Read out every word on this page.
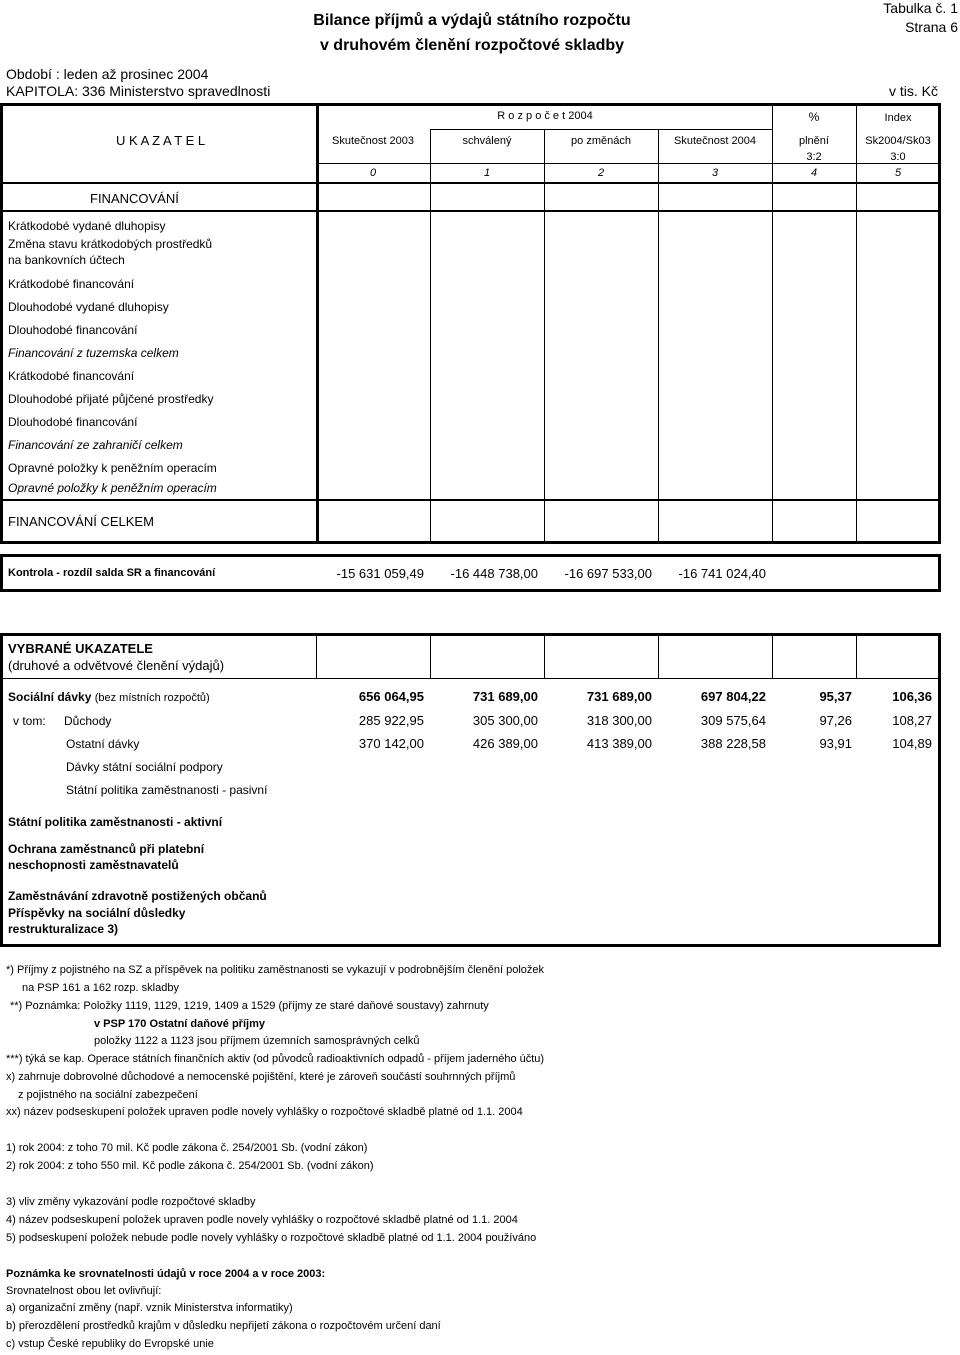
Bilance příjmů a výdajů státního rozpočtu
v druhovém členění rozpočtové skladby
Tabulka č. 1
Strana 6
Období : leden až prosinec 2004
KAPITOLA: 336 Ministerstvo spravedlnosti	v tis. Kč
U K A Z A T E L
R o z p o č e t 2004	%	Index
Skutečnost 2003	schválený	po změnách	Skutečnost 2004	plnění	Sk2004/Sk03
3:2	3:0
0	1	2	3	4	5
FINANCOVÁNÍ
Krátkodobé vydané dluhopisy
Změna stavu krátkodobých prostředků
na bankovních účtech
Krátkodobé financování
Dlouhodobé vydané dluhopisy
Dlouhodobé financování
Financování z tuzemska celkem
Krátkodobé financování
Dlouhodobé přijaté půjčené prostředky
Dlouhodobé financování
Financování ze zahraničí celkem
Opravné položky k peněžním operacím
Opravné položky k peněžním operacím
FINANCOVÁNÍ CELKEM
Kontrola - rozdíl salda SR a financování	-15 631 059,49	-16 448 738,00	-16 697 533,00	-16 741 024,40
VYBRANÉ UKAZATELE
(druhové a odvětvové členění výdajů)
Sociální dávky (bez místních rozpočtů)	656 064,95	731 689,00	731 689,00	697 804,22	95,37	106,36
v tom: Důchody	285 922,95	305 300,00	318 300,00	309 575,64	97,26	108,27
Ostatní dávky	370 142,00	426 389,00	413 389,00	388 228,58	93,91	104,89
Dávky státní sociální podpory
Státní politika zaměstnanosti - pasivní
Státní politika zaměstnanosti - aktivní
Ochrana zaměstnanců při platební
neschopnosti zaměstnavatelů
Zaměstnávání zdravotně postižených občanů
Příspěvky na sociální důsledky
restrukturalizace 3)
*) Příjmy z pojistného na SZ a příspěvek na politiku zaměstnanosti se vykazují v podrobnějším členění položek
na PSP 161 a 162 rozp. skladby
**) Poznámka: Položky 1119, 1129, 1219, 1409 a 1529 (příjmy ze staré daňové soustavy) zahrnuty
v PSP 170 Ostatní daňové příjmy
položky 1122 a 1123 jsou příjmem územních samosprávných celků
***) týká se kap. Operace státních finančních aktiv (od původců radioaktivních odpadů - příjem jaderného účtu)
x) zahrnuje dobrovolné důchodové a nemocenské pojištění, které je zároveň součástí souhrnných příjmů
z pojistného na sociální zabezpečení
xx) název podseskupení položek upraven podle novely vyhlášky o rozpočtové skladbě platné od 1.1. 2004
1) rok 2004: z toho 70 mil. Kč podle zákona č. 254/2001 Sb. (vodní zákon)
2) rok 2004: z toho 550 mil. Kč podle zákona č. 254/2001 Sb. (vodní zákon)
3) vliv změny vykazování podle rozpočtové skladby
4) název podseskupení položek upraven podle novely vyhlášky o rozpočtové skladbě platné od 1.1. 2004
5) podseskupení položek nebude podle novely vyhlášky o rozpočtové skladbě platné od 1.1. 2004 používáno
Poznámka ke srovnatelnosti údajů v roce 2004 a v roce 2003:
Srovnatelnost obou let ovlivňují:
a) organizační změny (např. vznik Ministerstva informatiky)
b) přerozdělení prostředků krajům v důsledku nepřijetí zákona o rozpočtovém určení daní
c) vstup České republiky do Evropské unie
